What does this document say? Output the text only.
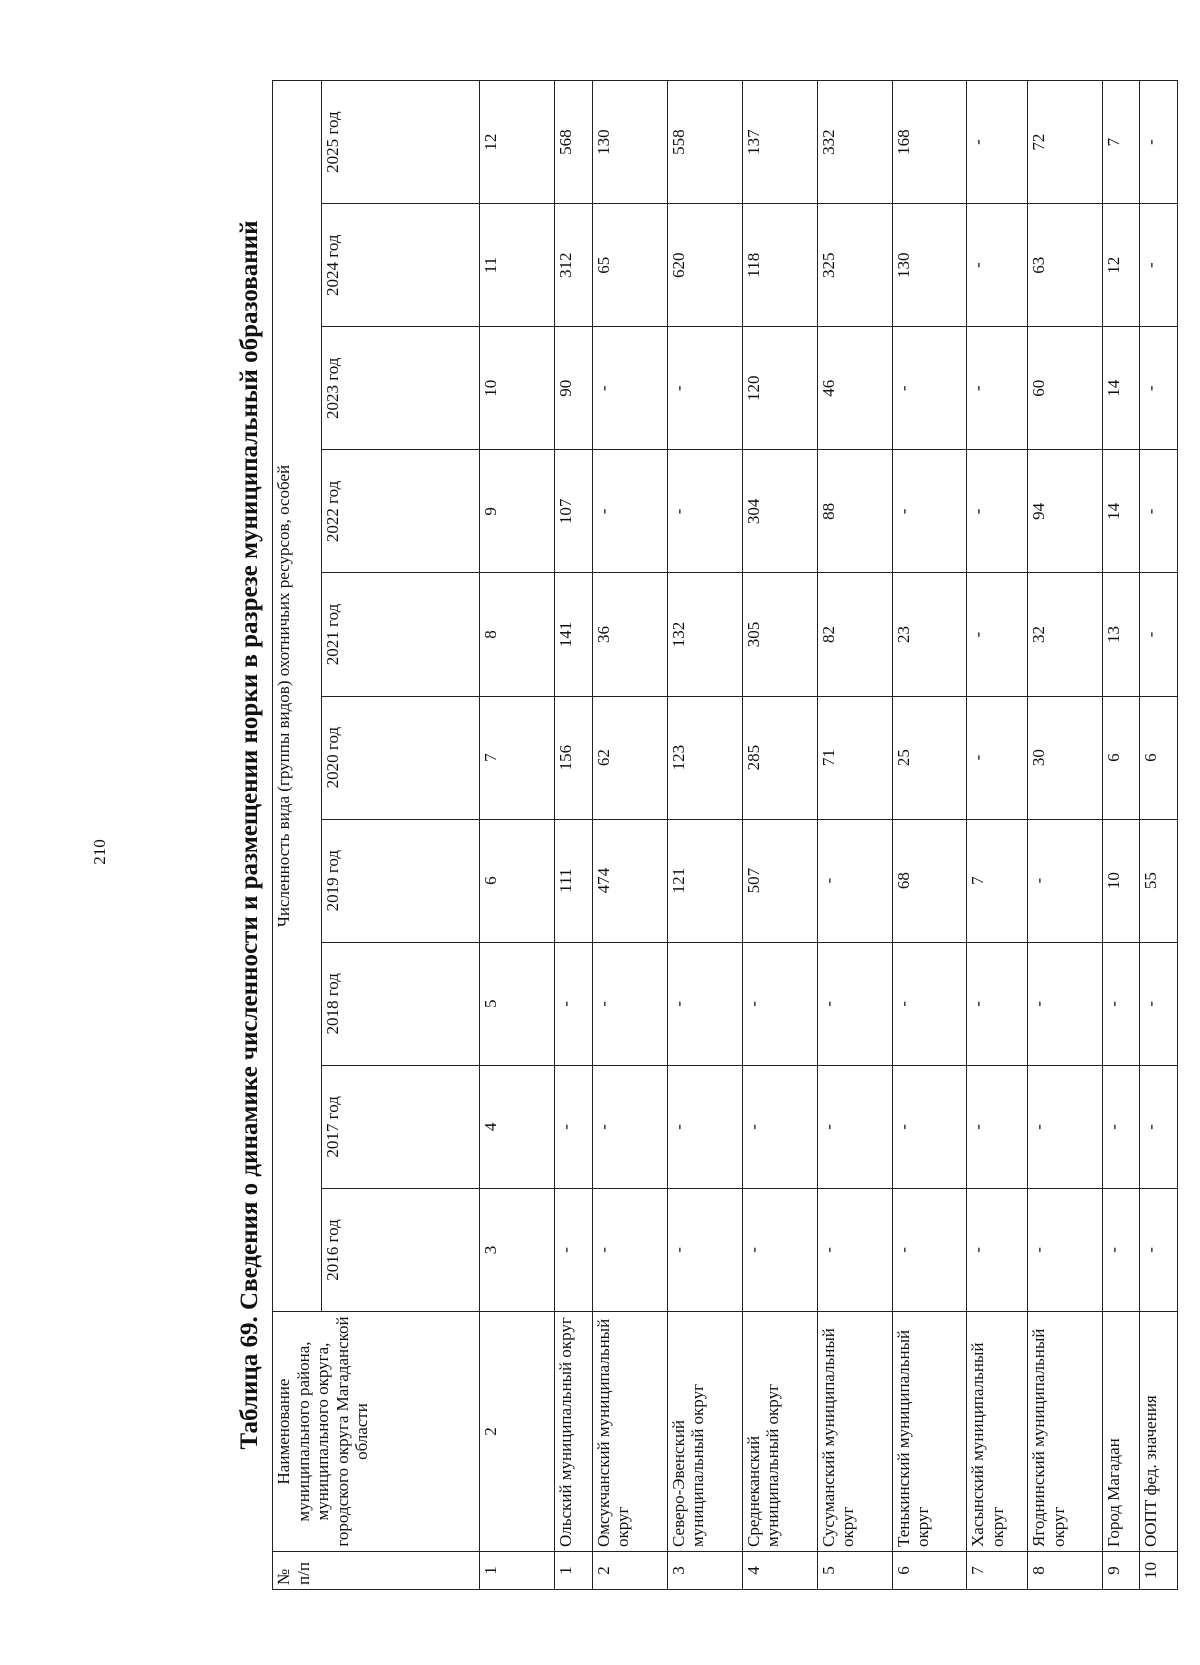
210	Таблица 69. Сведения о динамике численности и размещении норки в разрезе муниципальный образований
№ п/п	Наименование муниципального района, муниципального округа, городского округа Магаданской области	Численность вида (группы видов) охотничьих ресурсов, особей									
		2016 год	2017 год	2018 год	2019 год	2020 год	2021 год	2022 год	2023 год	2024 год	2025 год
1	2	3	4	5	6	7	8	9	10	11	12
1	Ольский муниципальный округ	-	-	-	111	156	141	107	90	312	568
2	Омсукчанский муниципальный округ	-	-	-	474	62	36	-	-	65	130
3	Северо-Эвенский муниципальный округ	-	-	-	121	123	132	-	-	620	558
4	Среднеканский муниципальный округ	-	-	-	507	285	305	304	120	118	137
5	Сусуманский муниципальный округ	-	-	-	-	71	82	88	46	325	332
6	Тенькинский муниципальный округ	-	-	-	68	25	23	-	-	130	168
7	Хасынский муниципальный округ	-	-	-	7	-	-	-	-	-	-
8	Ягоднинский муниципальный округ	-	-	-	-	30	32	94	60	63	72
9	Город Магадан	-	-	-	10	6	13	14	14	12	7
10	ООПТ фед. значения	-	-	-	55	6	-	-	-	-	-
